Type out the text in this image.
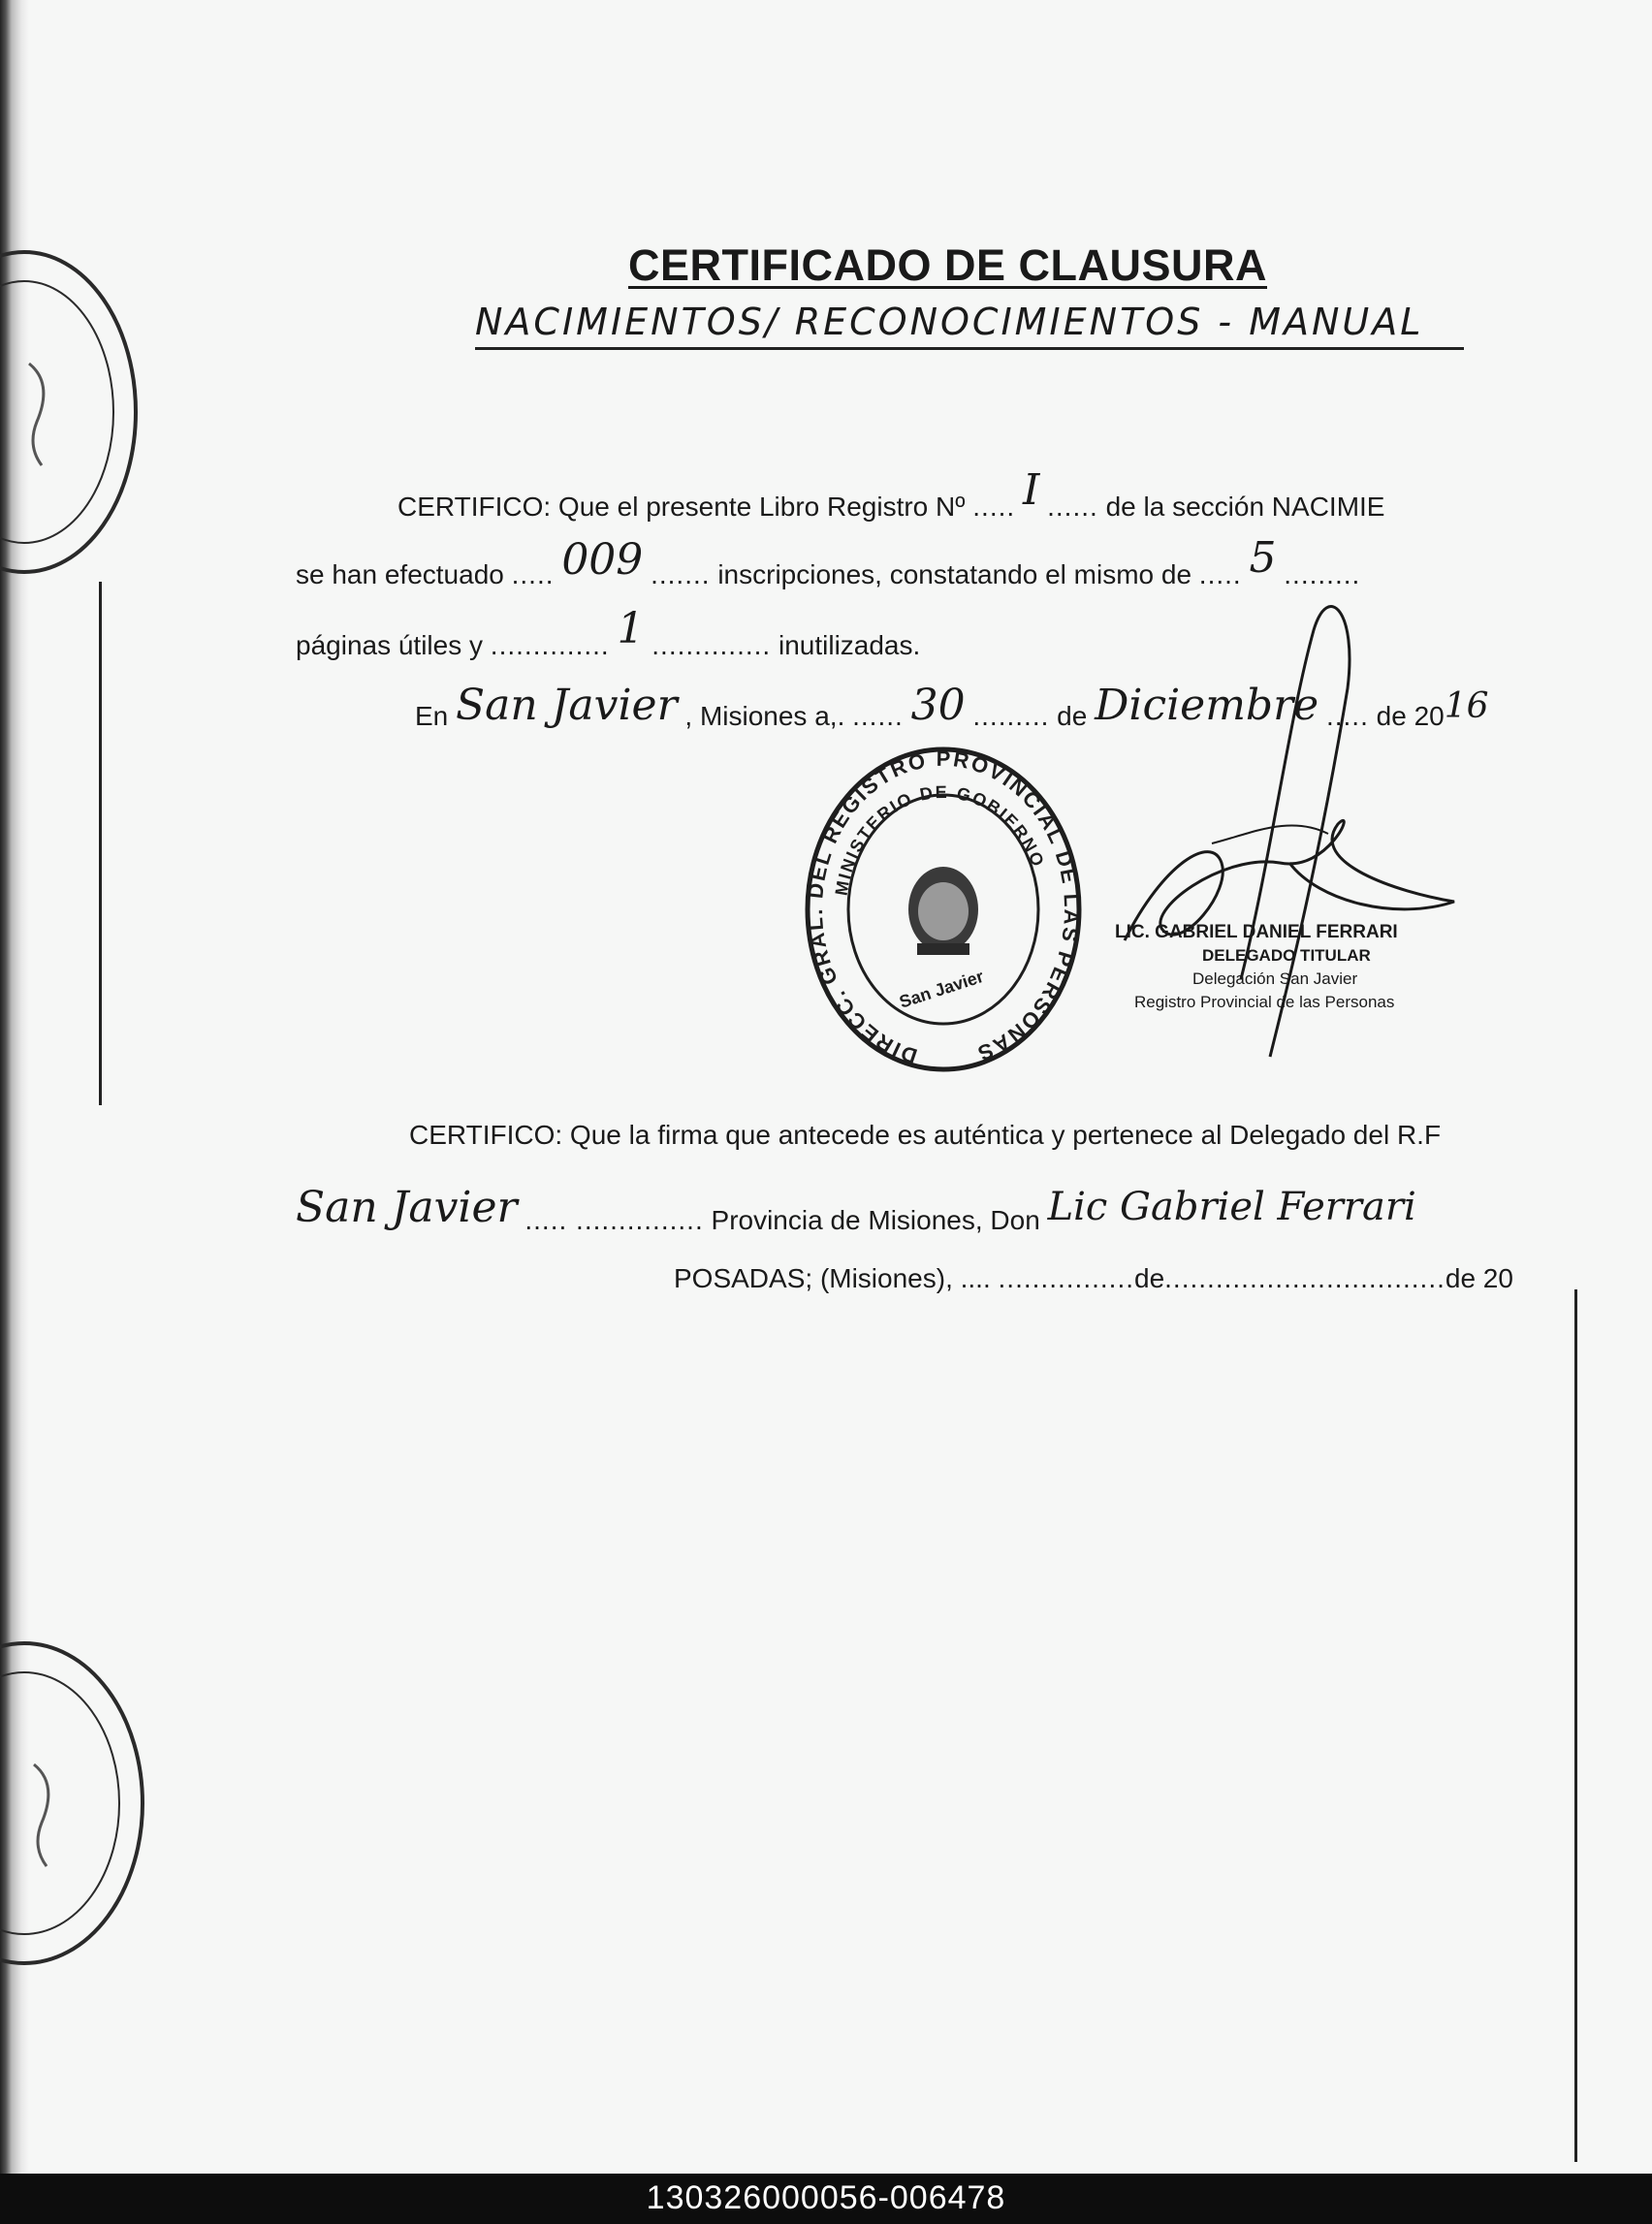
CERTIFICADO DE CLAUSURA
NACIMIENTOS/ RECONOCIMIENTOS - MANUAL
CERTIFICO: Que el presente Libro Registro Nº ..... I ...... de la sección NACIMIE
se han efectuado ..... 009 ....... inscripciones, constatando el mismo de ..... 5 .........
páginas útiles y .............. 1 .............. inutilizadas.
En San Javier , Misiones a,. ...... 30 ......... de Diciembre ..... de 2016
DIRECC. GRAL. DEL REGISTRO PROVINCIAL DE LAS PERSONAS
MINISTERIO DE GOBIERNO
San Javier
LIC. GABRIEL DANIEL FERRARI
DELEGADO TITULAR
Delegación San Javier
Registro Provincial de las Personas
CERTIFICO: Que la firma que antecede es auténtica y pertenece al Delegado del R.F
San Javier ..... ............... Provincia de Misiones, Don Lic Gabriel Ferrari
POSADAS; (Misiones), .... ................de.................................de 20
130326000056-006478
